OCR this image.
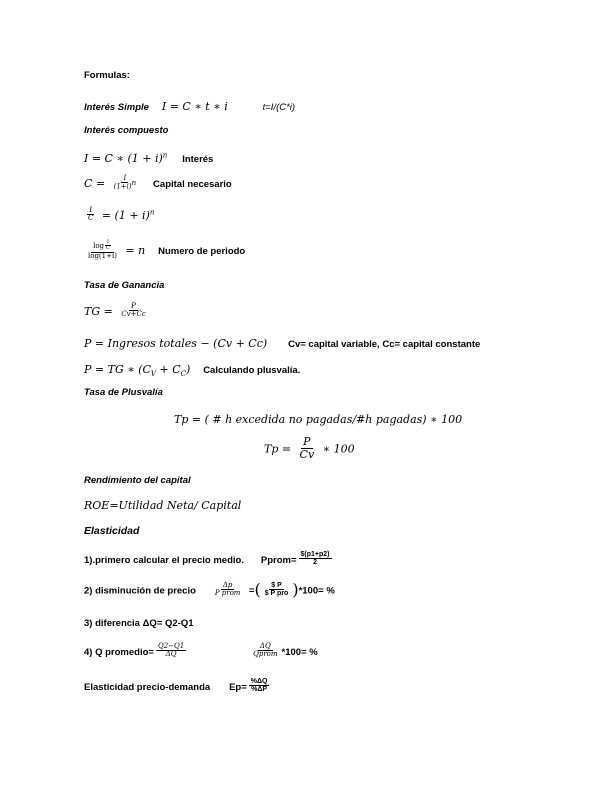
Formulas:
Interés Simple I = C ∗ t ∗ i	t=I/(C*i)
Interés compuesto
I = C ∗ $(1 + i)^n$ Interés
$C = \frac{I}{(1+i)^n}$ Capital necesario
$\frac{I}{C} = (1 + i)^n$
$\frac{\log \frac{I}{C}}{\log(1+i)} = n$ Numero de periodo
Tasa de Ganancia
TG = $\frac{P}{Cv+Cc}$
P = Ingresos totales − (Cv + Cc) Cv= capital variable, Cc= capital constante
P = TG ∗ $(C_V + C_C)$ Calculando plusvalía.
Tasa de Plusvalía
Tp = ( # h excedida no pagadas/#h pagadas) ∗ 100
$Tp = \frac{P}{Cv}$ ∗ 100
Rendimiento del capital
ROE=Utilidad Neta/ Capital
Elasticidad
1).primero calcular el precio medio. Pprom= $\frac{\$(p1+p2)}{2}$
2) disminución de precio $\frac{\Delta p}{\text{P prom}}$ =( $\frac{\$ P}{\text{\$ P pro}} )*100=$ %
3) diferencia ΔQ= Q2-Q1
4) Q promedio= $\frac{Q2-Q1}{\Delta Q}$
	$\frac{\Delta Q}{\text{Qprom}} *100=$ %
Elasticidad precio-demanda $Ep= \frac{\%\Delta Q}{\%\Delta P}$
